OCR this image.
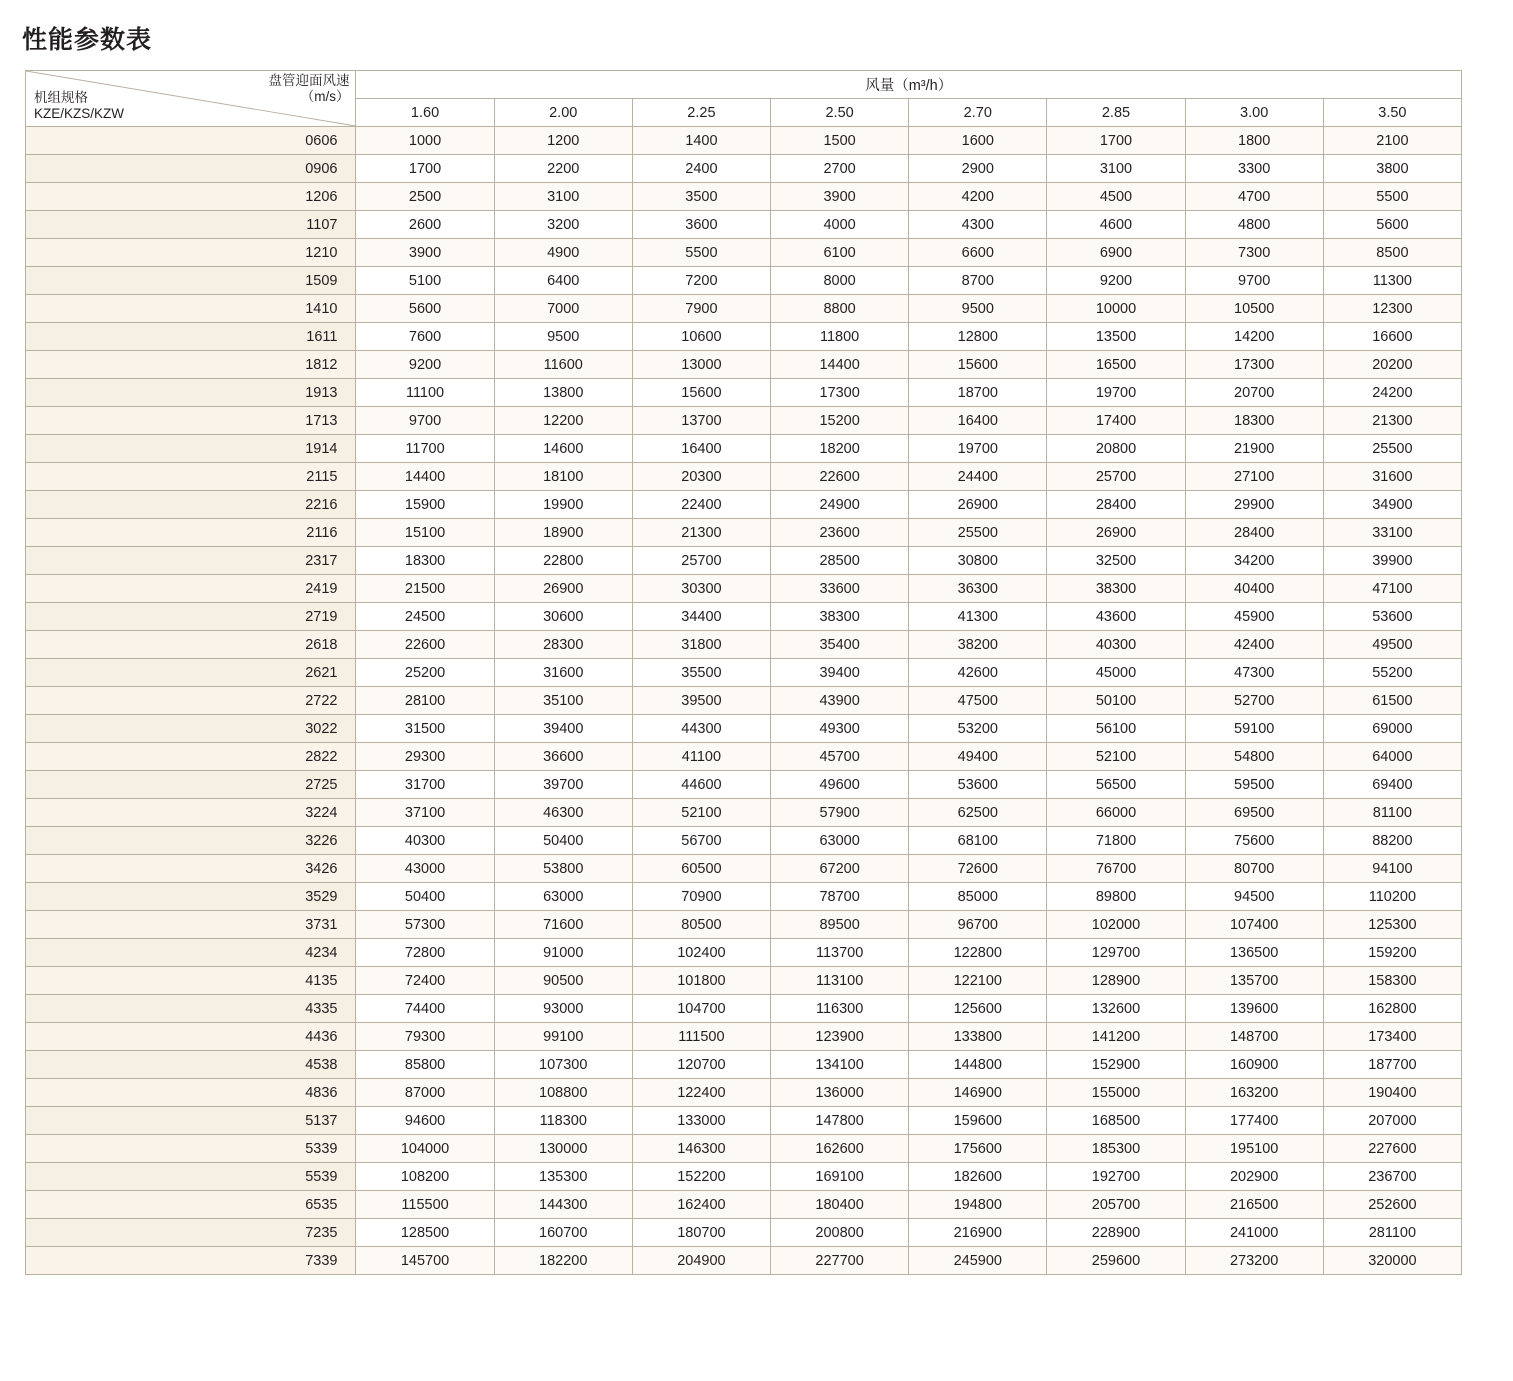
性能参数表
盘管迎面风速
（m/s）
机组规格
KZE/KZS/KZW	风量（m³/h）							
	1.60	2.00	2.25	2.50	2.70	2.85	3.00	3.50
0606	1000	1200	1400	1500	1600	1700	1800	2100
0906	1700	2200	2400	2700	2900	3100	3300	3800
1206	2500	3100	3500	3900	4200	4500	4700	5500
1107	2600	3200	3600	4000	4300	4600	4800	5600
1210	3900	4900	5500	6100	6600	6900	7300	8500
1509	5100	6400	7200	8000	8700	9200	9700	11300
1410	5600	7000	7900	8800	9500	10000	10500	12300
1611	7600	9500	10600	11800	12800	13500	14200	16600
1812	9200	11600	13000	14400	15600	16500	17300	20200
1913	11100	13800	15600	17300	18700	19700	20700	24200
1713	9700	12200	13700	15200	16400	17400	18300	21300
1914	11700	14600	16400	18200	19700	20800	21900	25500
2115	14400	18100	20300	22600	24400	25700	27100	31600
2216	15900	19900	22400	24900	26900	28400	29900	34900
2116	15100	18900	21300	23600	25500	26900	28400	33100
2317	18300	22800	25700	28500	30800	32500	34200	39900
2419	21500	26900	30300	33600	36300	38300	40400	47100
2719	24500	30600	34400	38300	41300	43600	45900	53600
2618	22600	28300	31800	35400	38200	40300	42400	49500
2621	25200	31600	35500	39400	42600	45000	47300	55200
2722	28100	35100	39500	43900	47500	50100	52700	61500
3022	31500	39400	44300	49300	53200	56100	59100	69000
2822	29300	36600	41100	45700	49400	52100	54800	64000
2725	31700	39700	44600	49600	53600	56500	59500	69400
3224	37100	46300	52100	57900	62500	66000	69500	81100
3226	40300	50400	56700	63000	68100	71800	75600	88200
3426	43000	53800	60500	67200	72600	76700	80700	94100
3529	50400	63000	70900	78700	85000	89800	94500	110200
3731	57300	71600	80500	89500	96700	102000	107400	125300
4234	72800	91000	102400	113700	122800	129700	136500	159200
4135	72400	90500	101800	113100	122100	128900	135700	158300
4335	74400	93000	104700	116300	125600	132600	139600	162800
4436	79300	99100	111500	123900	133800	141200	148700	173400
4538	85800	107300	120700	134100	144800	152900	160900	187700
4836	87000	108800	122400	136000	146900	155000	163200	190400
5137	94600	118300	133000	147800	159600	168500	177400	207000
5339	104000	130000	146300	162600	175600	185300	195100	227600
5539	108200	135300	152200	169100	182600	192700	202900	236700
6535	115500	144300	162400	180400	194800	205700	216500	252600
7235	128500	160700	180700	200800	216900	228900	241000	281100
7339	145700	182200	204900	227700	245900	259600	273200	320000
